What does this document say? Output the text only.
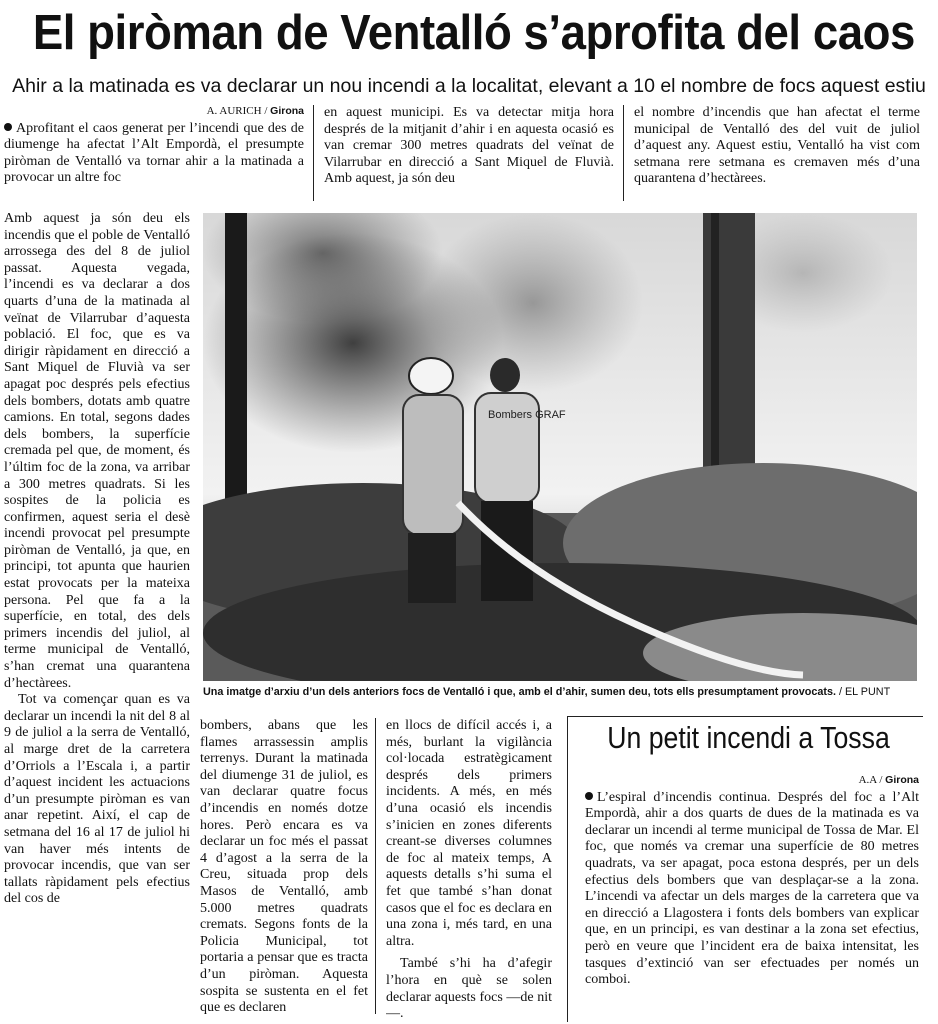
El piròman de Ventalló s’aprofita del caos
Ahir a la matinada es va declarar un nou incendi a la localitat, elevant a 10 el nombre de focs aquest estiu
A. AURICH / Girona

Aprofitant el caos generat per l’incendi que des de diumenge ha afectat l’Alt Empordà, el presumpte piròman de Ventalló va tornar ahir a la matinada a provocar un altre foc

en aquest municipi. Es va detectar mitja hora després de la mitjanit d’ahir i en aquesta ocasió es van cremar 300 metres quadrats del veïnat de Vilarrubar en direcció a Sant Miquel de Fluvià. Amb aquest, ja són deu

el nombre d’incendis que han afectat el terme municipal de Ventalló des del vuit de juliol d’aquest any. Aquest estiu, Ventalló ha vist com setmana rere setmana es cremaven més d’una quarantena d’hectàrees.

Amb aquest ja són deu els incendis que el poble de Ventalló arrossega des del 8 de juliol passat. Aquesta vegada, l’incendi es va declarar a dos quarts d’una de la matinada al veïnat de Vilarrubar d’aquesta població. El foc, que es va dirigir ràpidament en direcció a Sant Miquel de Fluvià va ser apagat poc després pels efectius dels bombers, dotats amb quatre camions. En total, segons dades dels bombers, la superfície cremada pel que, de moment, és l’últim foc de la zona, va arribar a 300 metres quadrats. Si les sospites de la policia es confirmen, aquest seria el desè incendi provocat pel presumpte piròman de Ventalló, ja que, en principi, tot apunta que haurien estat provocats per la mateixa persona. Pel que fa a la superfície, en total, des dels primers incendis del juliol, al terme municipal de Ventalló, s’han cremat una quarantena d’hectàrees.

Tot va començar quan es va declarar un incendi la nit del 8 al 9 de juliol a la serra de Ventalló, al marge dret de la carretera d’Orriols a l’Escala i, a partir d’aquest incident les actuacions d’un presumpte piròman es van anar repetint. Així, el cap de setmana del 16 al 17 de juliol hi van haver més intents de provocar incendis, que van ser tallats ràpidament pels efectius del cos de

Bombers GRAF
Una imatge d’arxiu d’un dels anteriors focs de Ventalló i que, amb el d’ahir, sumen deu, tots ells presumptament provocats. / EL PUNT

bombers, abans que les flames arrassessin amplis terrenys. Durant la matinada del diumenge 31 de juliol, es van declarar quatre focus d’incendis en només dotze hores. Però encara es va declarar un foc més el passat 4 d’agost a la serra de la Creu, situada prop dels Masos de Ventalló, amb 5.000 metres quadrats cremats. Segons fonts de la Policia Municipal, tot portaria a pensar que es tracta d’un piròman. Aquesta sospita se sustenta en el fet que es declaren

en llocs de difícil accés i, a més, burlant la vigilància col·locada estratègicament després dels primers incidents. A més, en més d’una ocasió els incendis s’inicien en zones diferents creant-se diverses columnes de foc al mateix temps, A aquests detalls s’hi suma el fet que també s’han donat casos que el foc es declara en una zona i, més tard, en una altra.

També s’hi ha d’afegir l’hora en què se solen declarar aquests focs —de nit—.

Un petit incendi a Tossa
A.A / Girona

L’espiral d’incendis continua. Després del foc a l’Alt Empordà, ahir a dos quarts de dues de la matinada es va declarar un incendi al terme municipal de Tossa de Mar. El foc, que només va cremar una superfície de 80 metres quadrats, va ser apagat, poca estona després, per un dels efectius dels bombers que van desplaçar-se a la zona. L’incendi va afectar un dels marges de la carretera que va en direcció a Llagostera i fonts dels bombers van explicar que, en un principi, es van destinar a la zona set efectius, però en veure que l’incident era de baixa intensitat, les tasques d’extinció van ser efectuades per només un comboi.
